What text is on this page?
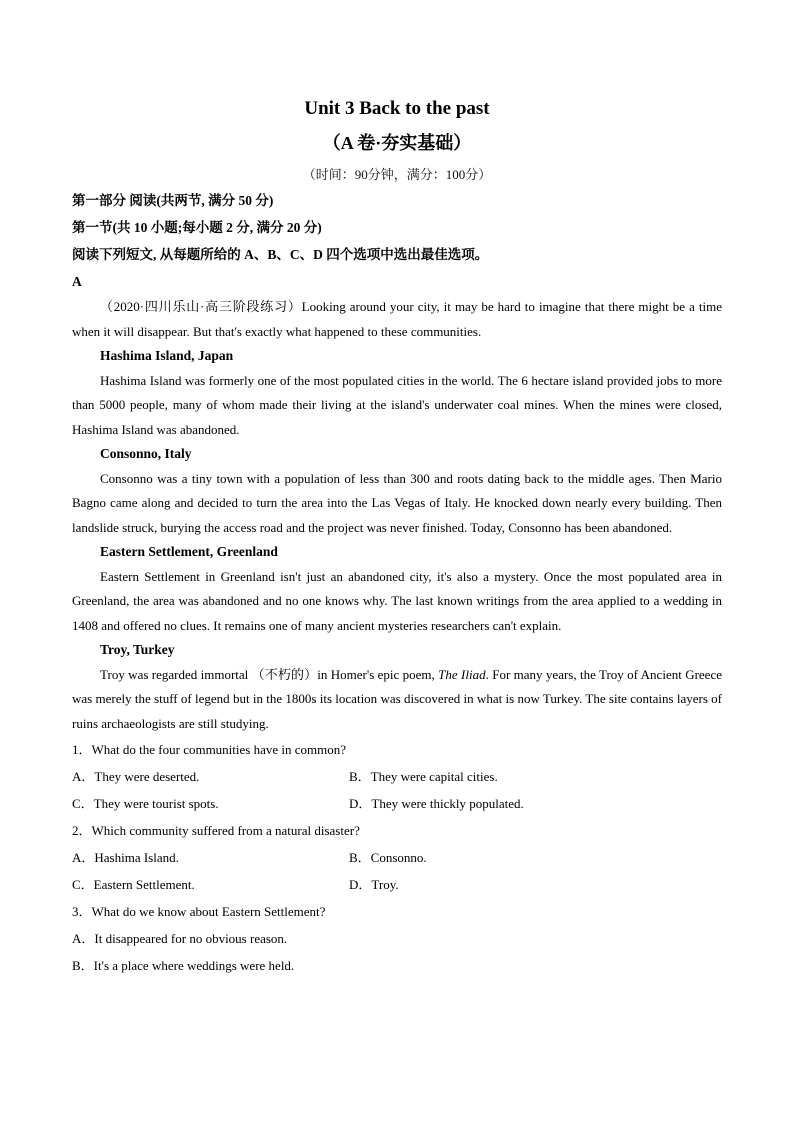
Unit 3 Back to the past
（A 卷·夯实基础）
（时间：90分钟，满分：100分）
第一部分 阅读(共两节, 满分 50 分)
第一节(共 10 小题;每小题 2 分, 满分 20 分)
阅读下列短文, 从每题所给的 A、B、C、D 四个选项中选出最佳选项。
A

（2020·四川乐山·高三阶段练习）Looking around your city, it may be hard to imagine that there might be a time when it will disappear. But that's exactly what happened to these communities.

Hashima Island, Japan

Hashima Island was formerly one of the most populated cities in the world. The 6 hectare island provided jobs to more than 5000 people, many of whom made their living at the island's underwater coal mines. When the mines were closed, Hashima Island was abandoned.

Consonno, Italy

Consonno was a tiny town with a population of less than 300 and roots dating back to the middle ages. Then Mario Bagno came along and decided to turn the area into the Las Vegas of Italy. He knocked down nearly every building. Then landslide struck, burying the access road and the project was never finished. Today, Consonno has been abandoned.

Eastern Settlement, Greenland

Eastern Settlement in Greenland isn't just an abandoned city, it's also a mystery. Once the most populated area in Greenland, the area was abandoned and no one knows why. The last known writings from the area applied to a wedding in 1408 and offered no clues. It remains one of many ancient mysteries researchers can't explain.

Troy, Turkey

Troy was regarded immortal （不朽的）in Homer's epic poem, The Iliad. For many years, the Troy of Ancient Greece was merely the stuff of legend but in the 1800s its location was discovered in what is now Turkey. The site contains layers of ruins archaeologists are still studying.

1．What do the four communities have in common?
A．They were deserted.	B．They were capital cities.
C．They were tourist spots.	D．They were thickly populated.
2．Which community suffered from a natural disaster?
A．Hashima Island.	B．Consonno.
C．Eastern Settlement.	D．Troy.
3．What do we know about Eastern Settlement?
A．It disappeared for no obvious reason.
B．It's a place where weddings were held.
